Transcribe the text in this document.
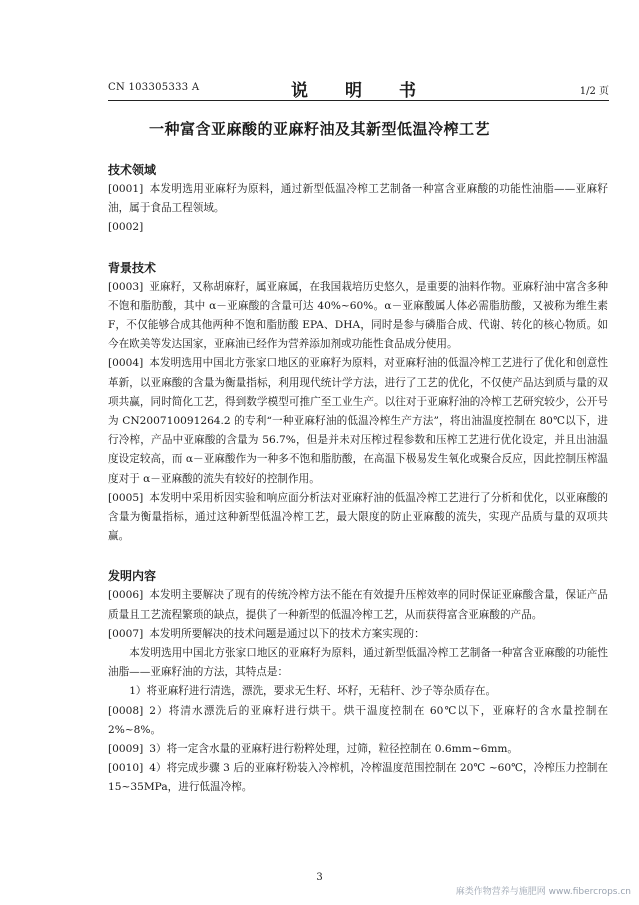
CN 103305333 A	说　明　书	1/2 页
一种富含亚麻酸的亚麻籽油及其新型低温冷榨工艺
技术领域
[0001] 本发明选用亚麻籽为原料，通过新型低温冷榨工艺制备一种富含亚麻酸的功能性油脂——亚麻籽油，属于食品工程领域。
[0002]
背景技术
[0003] 亚麻籽，又称胡麻籽，属亚麻属，在我国栽培历史悠久，是重要的油料作物。亚麻籽油中富含多种不饱和脂肪酸，其中 α－亚麻酸的含量可达 40%~60%。α－亚麻酸属人体必需脂肪酸，又被称为维生素 F，不仅能够合成其他两种不饱和脂肪酸 EPA、DHA，同时是参与磷脂合成、代谢、转化的核心物质。如今在欧美等发达国家，亚麻油已经作为营养添加剂或功能性食品成分使用。
[0004] 本发明选用中国北方张家口地区的亚麻籽为原料，对亚麻籽油的低温冷榨工艺进行了优化和创意性革新，以亚麻酸的含量为衡量指标，利用现代统计学方法，进行了工艺的优化，不仅使产品达到质与量的双项共赢，同时简化工艺，得到数学模型可推广至工业生产。以往对于亚麻籽油的冷榨工艺研究较少，公开号为 CN200710091264.2 的专利“一种亚麻籽油的低温冷榨生产方法”，将出油温度控制在 80℃以下，进行冷榨，产品中亚麻酸的含量为 56.7%，但是并未对压榨过程参数和压榨工艺进行优化设定，并且出油温度设定较高，而 α－亚麻酸作为一种多不饱和脂肪酸，在高温下极易发生氧化或聚合反应，因此控制压榨温度对于 α－亚麻酸的流失有较好的控制作用。
[0005] 本发明中采用析因实验和响应面分析法对亚麻籽油的低温冷榨工艺进行了分析和优化，以亚麻酸的含量为衡量指标，通过这种新型低温冷榨工艺，最大限度的防止亚麻酸的流失，实现产品质与量的双项共赢。
发明内容
[0006] 本发明主要解决了现有的传统冷榨方法不能在有效提升压榨效率的同时保证亚麻酸含量，保证产品质量且工艺流程繁琐的缺点，提供了一种新型的低温冷榨工艺，从而获得富含亚麻酸的产品。
[0007] 本发明所要解决的技术问题是通过以下的技术方案实现的：
本发明选用中国北方张家口地区的亚麻籽为原料，通过新型低温冷榨工艺制备一种富含亚麻酸的功能性油脂——亚麻籽油的方法，其特点是：
1）将亚麻籽进行清选，漂洗，要求无生籽、坏籽，无秸秆、沙子等杂质存在。
[0008] 2）将清水漂洗后的亚麻籽进行烘干。烘干温度控制在 60℃以下，亚麻籽的含水量控制在 2%~8%。
[0009] 3）将一定含水量的亚麻籽进行粉粹处理，过筛，粒径控制在 0.6mm~6mm。
[0010] 4）将完成步骤 3 后的亚麻籽粉装入冷榨机，冷榨温度范围控制在 20℃ ~60℃，冷榨压力控制在 15~35MPa，进行低温冷榨。
3
麻类作物营养与施肥网 www.fibercrops.cn
